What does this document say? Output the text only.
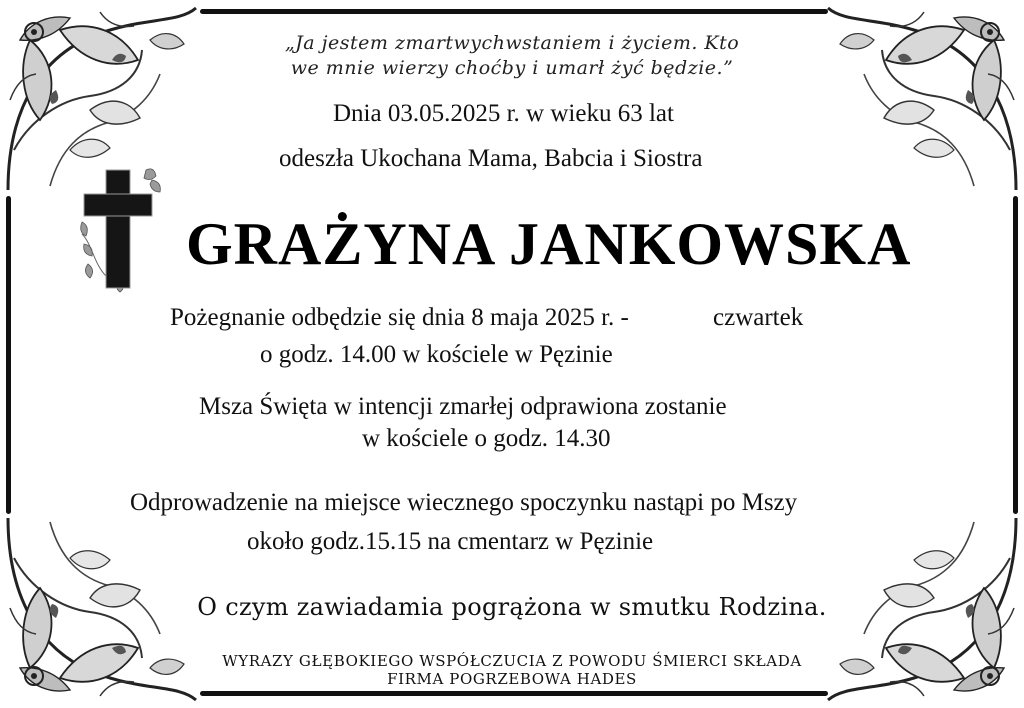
„Ja jestem zmartwychwstaniem i życiem. Kto
we mnie wierzy choćby i umarł żyć będzie.”
Dnia 03.05.2025 r. w wieku 63 lat
odeszła Ukochana Mama, Babcia i Siostra
GRAŻYNA JANKOWSKA
Pożegnanie odbędzie się dnia 8 maja 2025 r. -	czwartek
o godz. 14.00 w kościele w Pęzinie
Msza Święta w intencji zmarłej odprawiona zostanie
w kościele o godz. 14.30
Odprowadzenie na miejsce wiecznego spoczynku nastąpi po Mszy
około godz.15.15 na cmentarz w Pęzinie
O czym zawiadamia pogrążona w smutku Rodzina.
WYRAZY GŁĘBOKIEGO WSPÓŁCZUCIA Z POWODU ŚMIERCI SKŁADA
FIRMA POGRZEBOWA HADES
